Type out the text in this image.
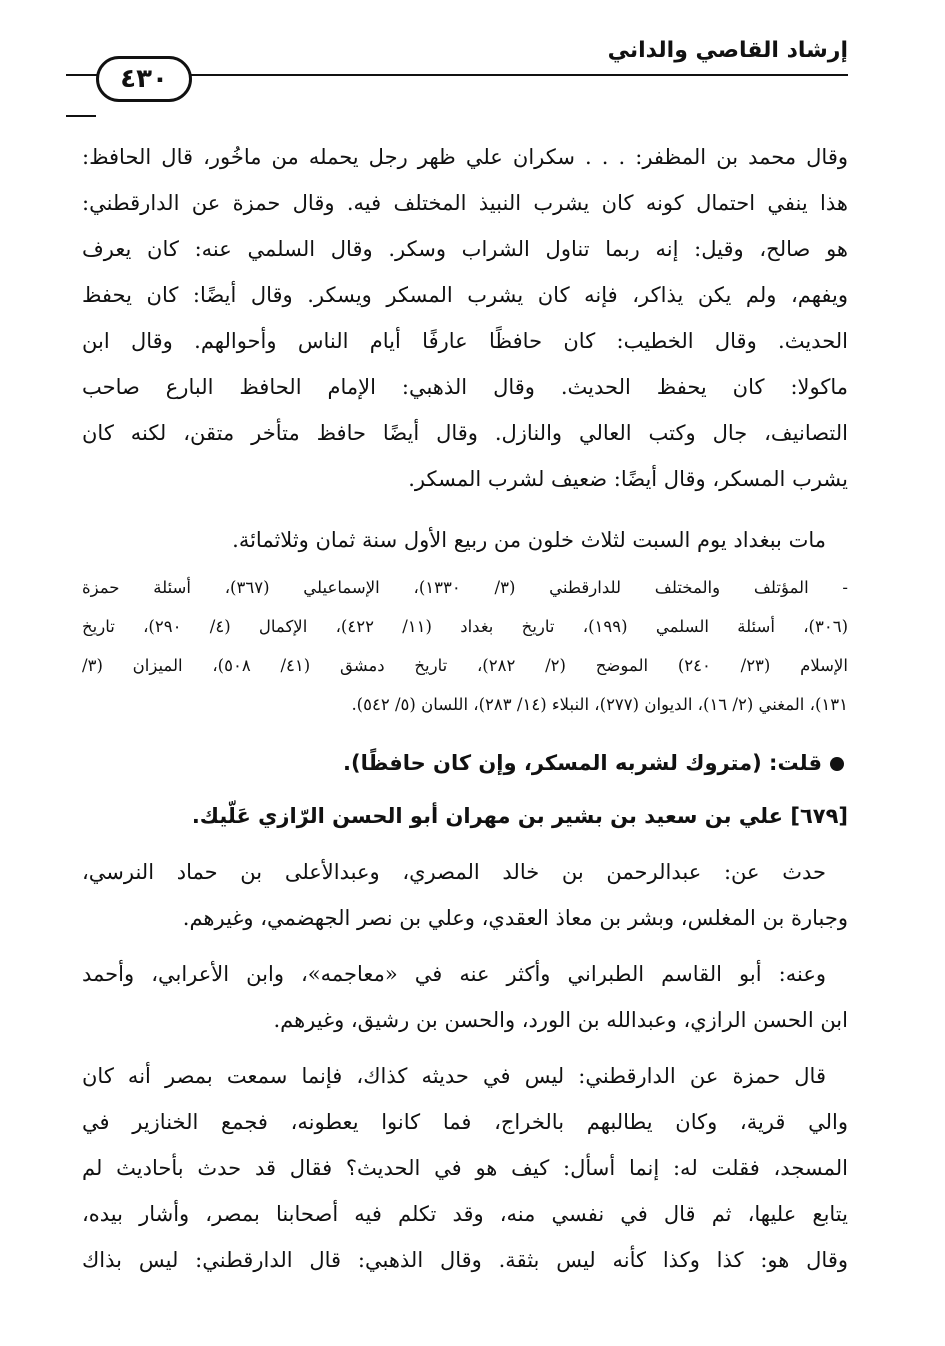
إرشاد القاصي والداني
٤٣٠
وقال محمد بن المظفر: . . . سكران علي ظهر رجل يحمله من ماخُور، قال الحافظ:
هذا ينفي احتمال كونه كان يشرب النبيذ المختلف فيه. وقال حمزة عن الدارقطني:
هو صالح، وقيل: إنه ربما تناول الشراب وسكر. وقال السلمي عنه: كان يعرف
ويفهم، ولم يكن يذاكر، فإنه كان يشرب المسكر ويسكر. وقال أيضًا: كان يحفظ
الحديث. وقال الخطيب: كان حافظًا عارفًا أيام الناس وأحوالهم. وقال ابن
ماكولا: كان يحفظ الحديث. وقال الذهبي: الإمام الحافظ البارع صاحب
التصانيف، جال وكتب العالي والنازل. وقال أيضًا حافظ متأخر متقن، لكنه كان
يشرب المسكر، وقال أيضًا: ضعيف لشرب المسكر.
مات ببغداد يوم السبت لثلاث خلون من ربيع الأول سنة ثمان وثلاثمائة.
- المؤتلف والمختلف للدارقطني (٣/ ١٣٣٠)، الإسماعيلي (٣٦٧)، أسئلة حمزة
(٣٠٦)، أسئلة السلمي (١٩٩)، تاريخ بغداد (١١/ ٤٢٢)، الإكمال (٤/ ٢٩٠)، تاريخ
الإسلام (٢٣/ ٢٤٠) الموضح (٢/ ٢٨٢)، تاريخ دمشق (٤١/ ٥٠٨)، الميزان (٣/
١٣١)، المغني (٢/ ١٦)، الديوان (٢٧٧)، النبلاء (١٤/ ٢٨٣)، اللسان (٥/ ٥٤٢).
قلت: (متروك لشربه المسكر، وإن كان حافظًا).
[٦٧٩] علي بن سعيد بن بشير بن مهران أبو الحسن الرّازي عَلّيك.
حدث عن: عبدالرحمن بن خالد المصري، وعبدالأعلى بن حماد النرسي،
وجبارة بن المغلس، وبشر بن معاذ العقدي، وعلي بن نصر الجهضمي، وغيرهم.
وعنه: أبو القاسم الطبراني وأكثر عنه في «معاجمه»، وابن الأعرابي، وأحمد
ابن الحسن الرازي، وعبدالله بن الورد، والحسن بن رشيق، وغيرهم.
قال حمزة عن الدارقطني: ليس في حديثه كذاك، فإنما سمعت بمصر أنه كان
والي قرية، وكان يطالبهم بالخراج، فما كانوا يعطونه، فجمع الخنازير في
المسجد، فقلت له: إنما أسأل: كيف هو في الحديث؟ فقال قد حدث بأحاديث لم
يتابع عليها، ثم قال في نفسي منه، وقد تكلم فيه أصحابنا بمصر، وأشار بيده،
وقال هو: كذا وكذا كأنه ليس بثقة. وقال الذهبي: قال الدارقطني: ليس بذاك
